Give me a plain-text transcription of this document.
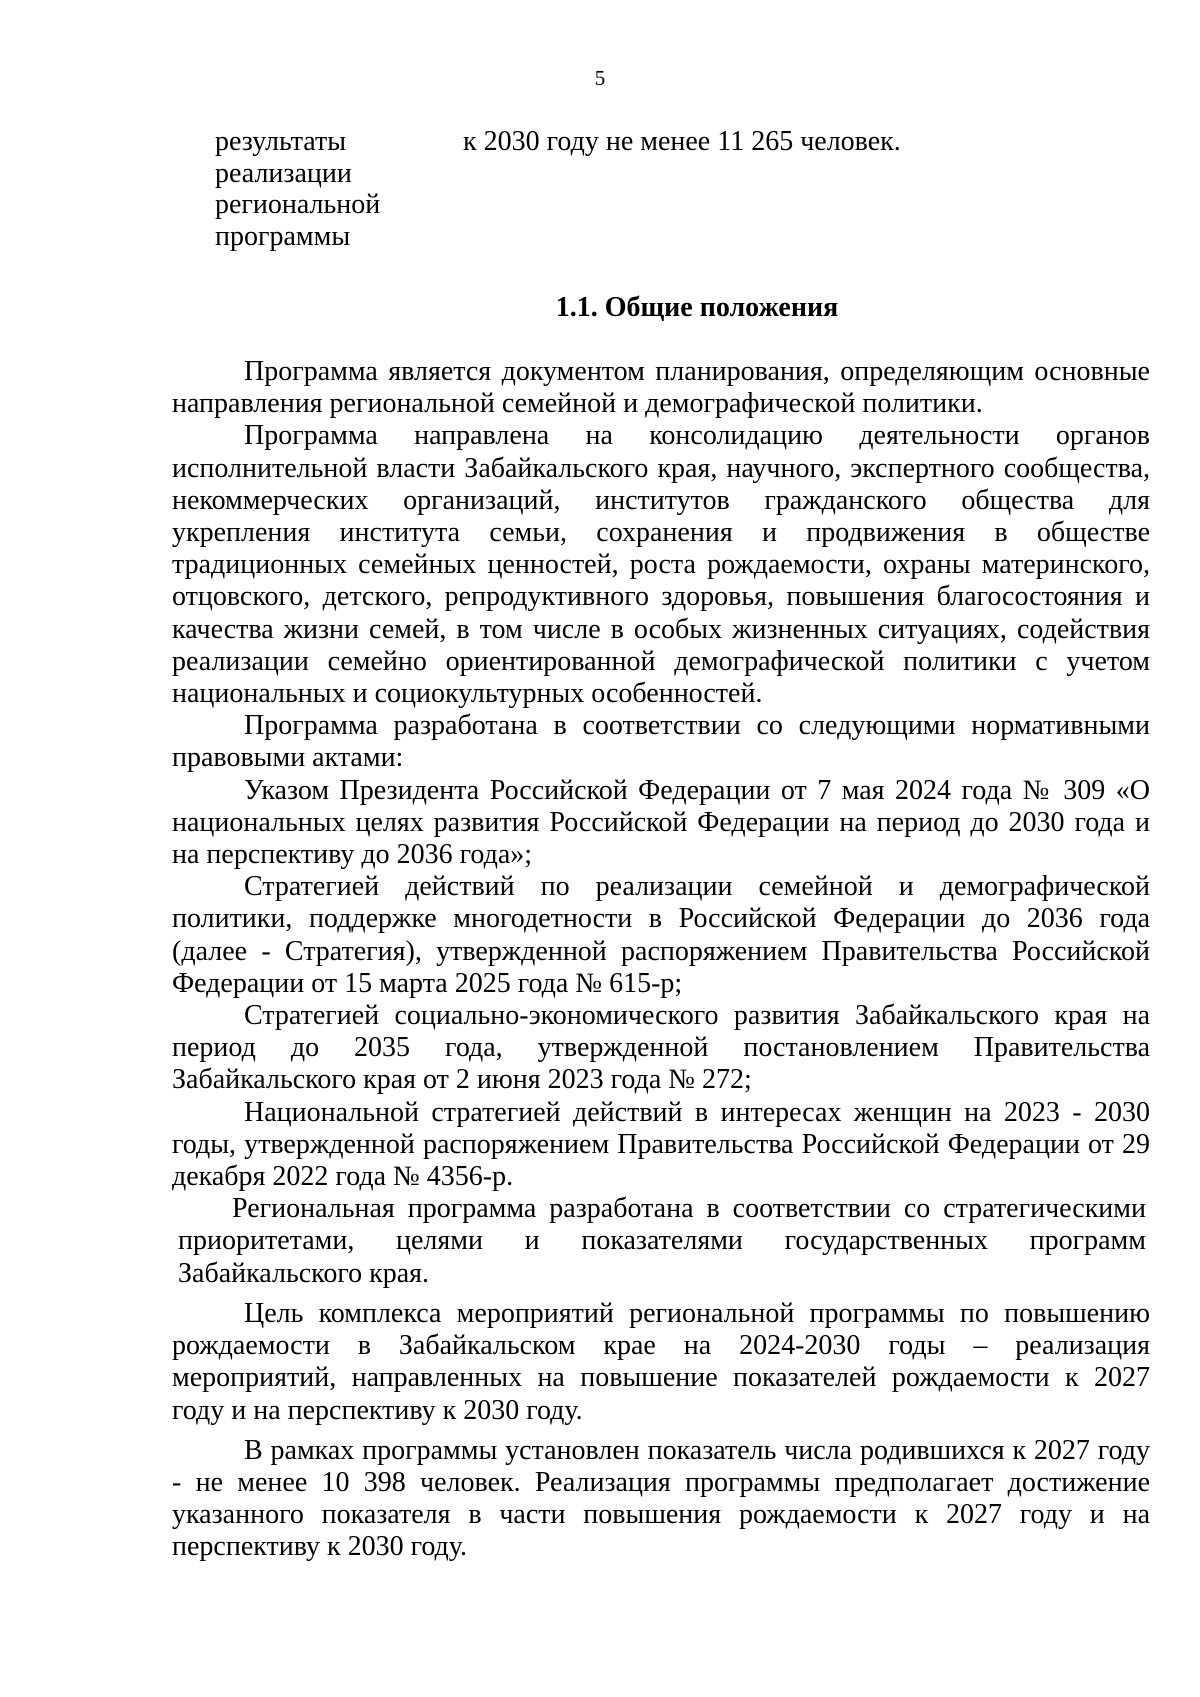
5
результаты
реализации
региональной
программы
к 2030 году не менее 11 265 человек.
1.1. Общие положения

Программа является документом планирования, определяющим основные направления региональной семейной и демографической политики.

Программа направлена на консолидацию деятельности органов исполнительной власти Забайкальского края, научного, экспертного сообщества, некоммерческих организаций, институтов гражданского общества для укрепления института семьи, сохранения и продвижения в обществе традиционных семейных ценностей, роста рождаемости, охраны материнского, отцовского, детского, репродуктивного здоровья, повышения благосостояния и качества жизни семей, в том числе в особых жизненных ситуациях, содействия реализации семейно ориентированной демографической политики с учетом национальных и социокультурных особенностей.

Программа разработана в соответствии со следующими нормативными правовыми актами:

Указом Президента Российской Федерации от 7 мая 2024 года № 309 «О национальных целях развития Российской Федерации на период до 2030 года и на перспективу до 2036 года»;

Стратегией действий по реализации семейной и демографической политики, поддержке многодетности в Российской Федерации до 2036 года (далее - Стратегия), утвержденной распоряжением Правительства Российской Федерации от 15 марта 2025 года № 615-р;

Стратегией социально-экономического развития Забайкальского края на период до 2035 года, утвержденной постановлением Правительства Забайкальского края от 2 июня 2023 года № 272;

Национальной стратегией действий в интересах женщин на 2023 - 2030 годы, утвержденной распоряжением Правительства Российской Федерации от 29 декабря 2022 года № 4356-р.

Региональная программа разработана в соответствии со стратегическими приоритетами, целями и показателями государственных программ Забайкальского края.

Цель комплекса мероприятий региональной программы по повышению рождаемости в Забайкальском крае на 2024-2030 годы – реализация мероприятий, направленных на повышение показателей рождаемости к 2027 году и на перспективу к 2030 году.

В рамках программы установлен показатель числа родившихся к 2027 году - не менее 10 398 человек. Реализация программы предполагает достижение указанного показателя в части повышения рождаемости к 2027 году и на перспективу к 2030 году.
